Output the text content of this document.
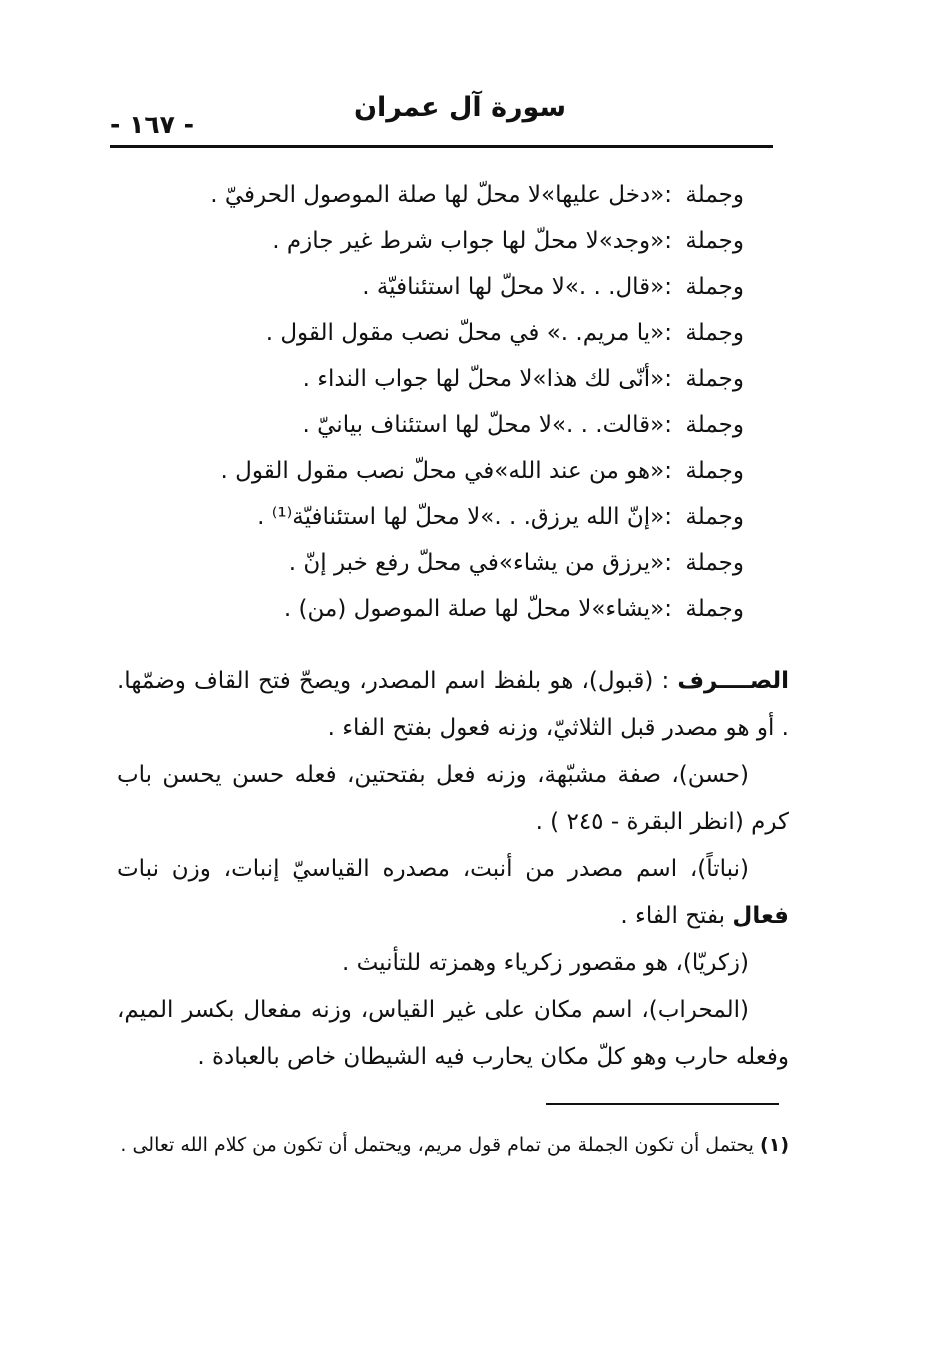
سورة آل عمران
- ١٦٧ -
وجملة:«دخل عليها»لا محلّ لها صلة الموصول الحرفيّ .
وجملة:«وجد»لا محلّ لها جواب شرط غير جازم .
وجملة:«قال. . .»لا محلّ لها استئنافيّة .
وجملة:«يا مريم. .» في محلّ نصب مقول القول .
وجملة:«أنّى لك هذا»لا محلّ لها جواب النداء .
وجملة:«قالت. . .»لا محلّ لها استئناف بيانيّ .
وجملة:«هو من عند الله»في محلّ نصب مقول القول .
وجملة:«إنّ الله يرزق. . .»لا محلّ لها استئنافيّة⁽¹⁾ .
وجملة:«يرزق من يشاء»في محلّ رفع خبر إنّ .
وجملة:«يشاء»لا محلّ لها صلة الموصول (من) .

الصــــرف : (قبول)، هو بلفظ اسم المصدر، ويصحّ فتح القاف وضمّها. . أو هو مصدر قبل الثلاثيّ، وزنه فعول بفتح الفاء .

(حسن)، صفة مشبّهة، وزنه فعل بفتحتين، فعله حسن يحسن باب كرم (انظر البقرة - ٢٤٥ ) .

(نباتاً)، اسم مصدر من أنبت، مصدره القياسيّ إنبات، وزن نبات فعال بفتح الفاء .

(زكريّا)، هو مقصور زكرياء وهمزته للتأنيث .

(المحراب)، اسم مكان على غير القياس، وزنه مفعال بكسر الميم، وفعله حارب وهو كلّ مكان يحارب فيه الشيطان خاص بالعبادة .

(١) يحتمل أن تكون الجملة من تمام قول مريم، ويحتمل أن تكون من كلام الله تعالى .
